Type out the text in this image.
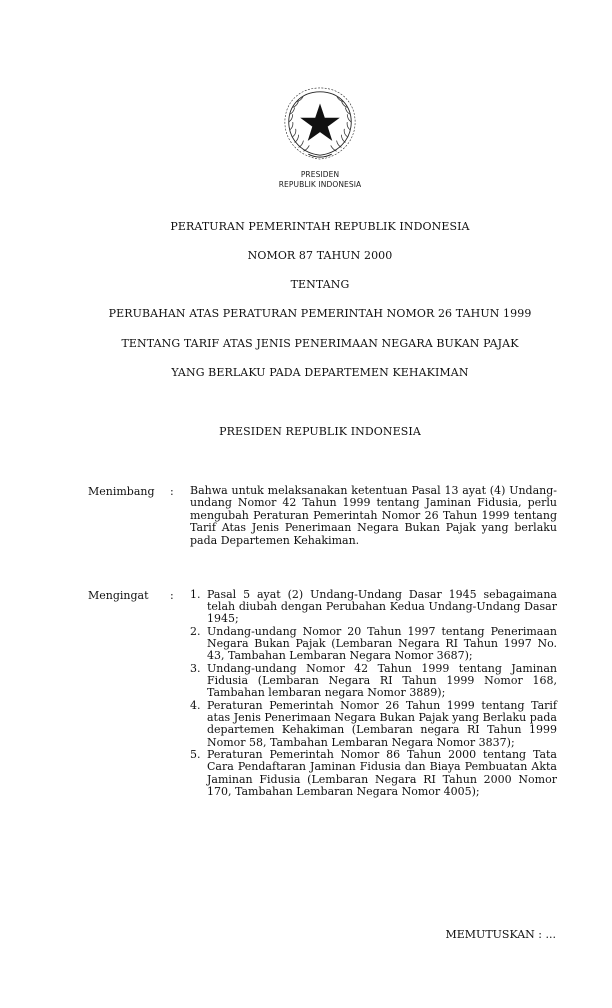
PRESIDEN
REPUBLIK INDONESIA
PERATURAN PEMERINTAH REPUBLIK INDONESIA
NOMOR 87 TAHUN 2000
TENTANG
PERUBAHAN ATAS PERATURAN PEMERINTAH NOMOR 26 TAHUN 1999
TENTANG TARIF ATAS JENIS PENERIMAAN NEGARA BUKAN PAJAK
YANG BERLAKU PADA DEPARTEMEN KEHAKIMAN
PRESIDEN REPUBLIK INDONESIA
Menimbang : Bahwa untuk melaksanakan ketentuan Pasal 13 ayat (4) Undang-undang Nomor 42 Tahun 1999 tentang Jaminan Fidusia, perlu mengubah Peraturan Pemerintah Nomor 26 Tahun 1999 tentang Tarif Atas Jenis Penerimaan Negara Bukan Pajak yang berlaku pada Departemen Kehakiman.
Mengingat : 1. Pasal 5 ayat (2) Undang-Undang Dasar 1945 sebagaimana telah diubah dengan Perubahan Kedua Undang-Undang Dasar 1945;
2. Undang-undang Nomor 20 Tahun 1997 tentang Penerimaan Negara Bukan Pajak (Lembaran Negara RI Tahun 1997 No. 43, Tambahan Lembaran Negara Nomor 3687);
3. Undang-undang Nomor 42 Tahun 1999 tentang Jaminan Fidusia (Lembaran Negara RI Tahun 1999 Nomor 168, Tambahan lembaran negara Nomor 3889);
4. Peraturan Pemerintah Nomor 26 Tahun 1999 tentang Tarif atas Jenis Penerimaan Negara Bukan Pajak yang Berlaku pada departemen Kehakiman (Lembaran negara RI Tahun 1999 Nomor 58, Tambahan Lembaran Negara Nomor 3837);
5. Peraturan Pemerintah Nomor 86 Tahun 2000 tentang Tata Cara Pendaftaran Jaminan Fidusia dan Biaya Pembuatan Akta Jaminan Fidusia (Lembaran Negara RI Tahun 2000 Nomor 170, Tambahan Lembaran Negara Nomor 4005);
MEMUTUSKAN : ...
